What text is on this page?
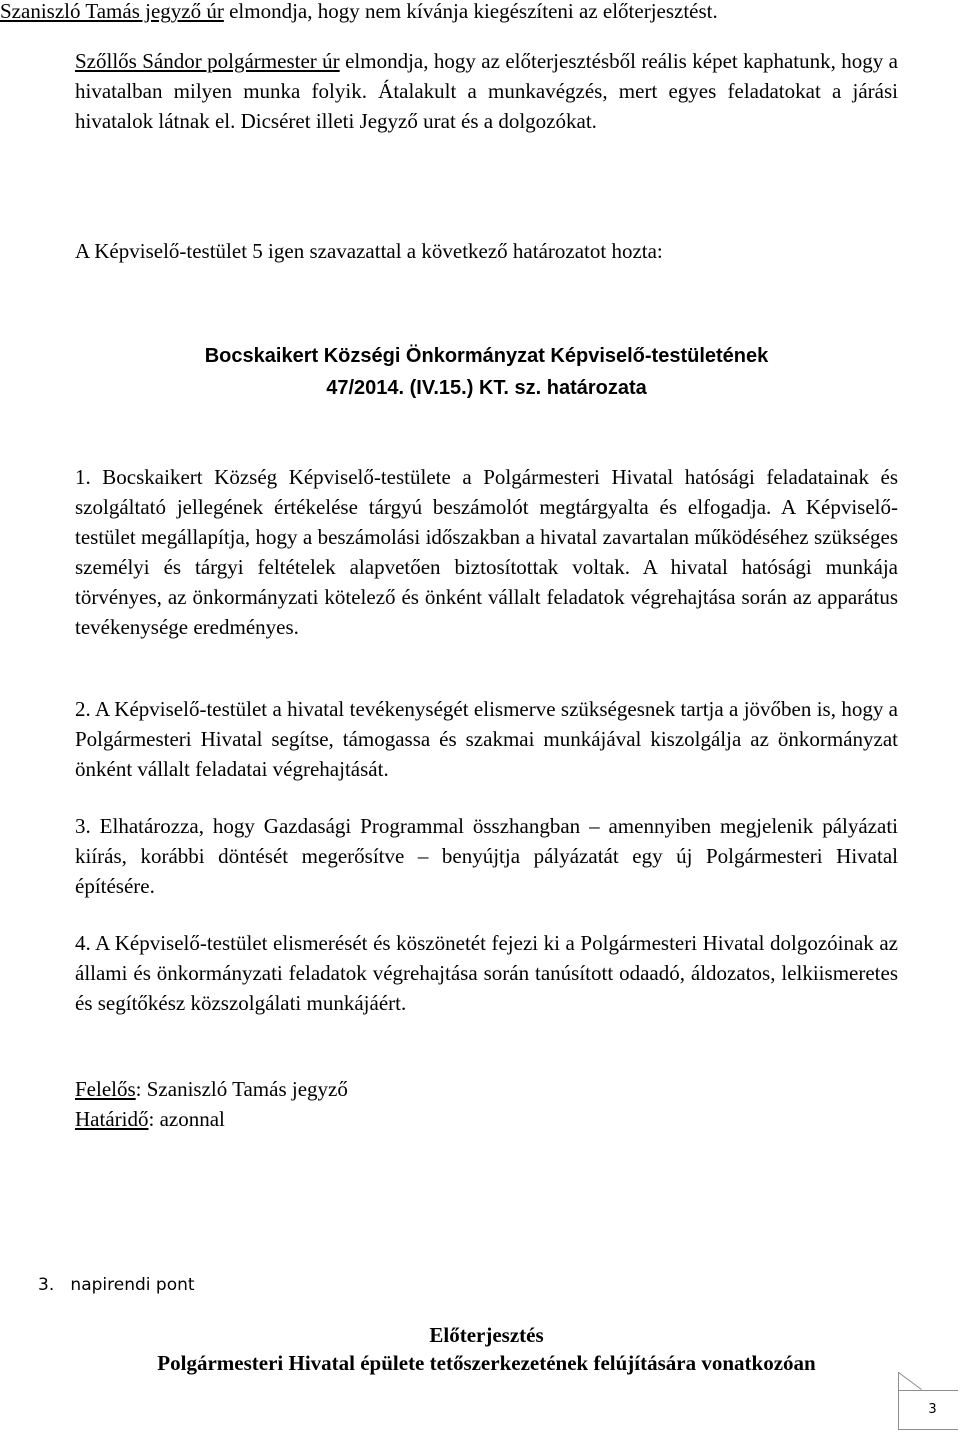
Szaniszló Tamás jegyző úr elmondja, hogy nem kívánja kiegészíteni az előterjesztést.

Szőllős Sándor polgármester úr elmondja, hogy az előterjesztésből reális képet kaphatunk, hogy a hivatalban milyen munka folyik. Átalakult a munkavégzés, mert egyes feladatokat a járási hivatalok látnak el. Dicséret illeti Jegyző urat és a dolgozókat.

A Képviselő-testület 5 igen szavazattal a következő határozatot hozta:

Bocskaikert Községi Önkormányzat Képviselő-testületének
47/2014. (IV.15.) KT. sz. határozata

1. Bocskaikert Község Képviselő-testülete a Polgármesteri Hivatal hatósági feladatainak és szolgáltató jellegének értékelése tárgyú beszámolót megtárgyalta és elfogadja. A Képviselő-testület megállapítja, hogy a beszámolási időszakban a hivatal zavartalan működéséhez szükséges személyi és tárgyi feltételek alapvetően biztosítottak voltak. A hivatal hatósági munkája törvényes, az önkormányzati kötelező és önként vállalt feladatok végrehajtása során az apparátus tevékenysége eredményes.

2. A Képviselő-testület a hivatal tevékenységét elismerve szükségesnek tartja a jövőben is, hogy a Polgármesteri Hivatal segítse, támogassa és szakmai munkájával kiszolgálja az önkormányzat önként vállalt feladatai végrehajtását.

3. Elhatározza, hogy Gazdasági Programmal összhangban – amennyiben megjelenik pályázati kiírás, korábbi döntését megerősítve – benyújtja pályázatát egy új Polgármesteri Hivatal építésére.

4. A Képviselő-testület elismerését és köszönetét fejezi ki a Polgármesteri Hivatal dolgozóinak az állami és önkormányzati feladatok végrehajtása során tanúsított odaadó, áldozatos, lelkiismeretes és segítőkész közszolgálati munkájáért.

Felelős: Szaniszló Tamás jegyző
Határidő: azonnal
3.   napirendi pont
Előterjesztés
Polgármesteri Hivatal épülete tetőszerkezetének felújítására vonatkozóan
3
